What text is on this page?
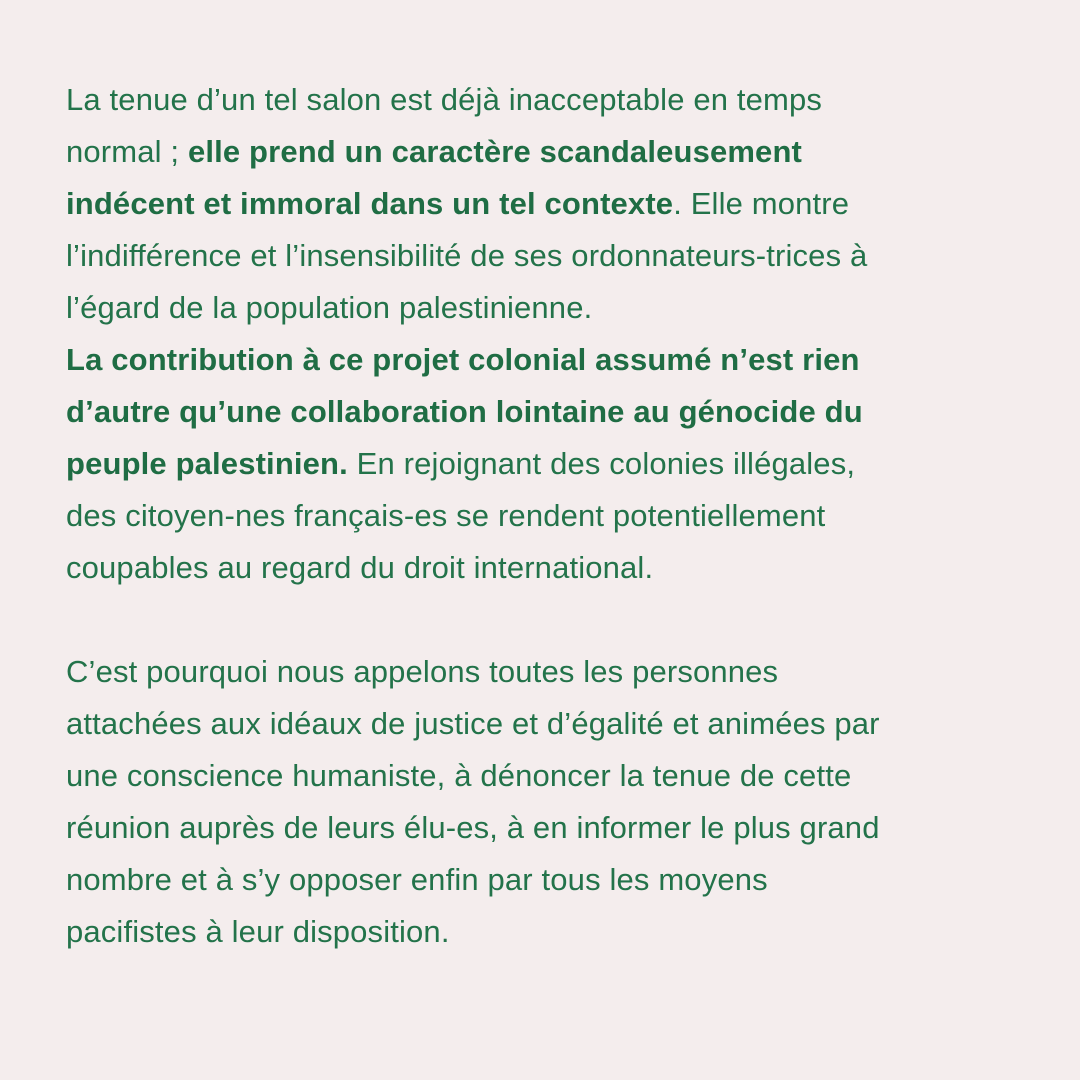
La tenue d’un tel salon est déjà inacceptable en temps
normal ; elle prend un caractère scandaleusement
indécent et immoral dans un tel contexte. Elle montre
l’indifférence et l’insensibilité de ses ordonnateurs-trices à
l’égard de la population palestinienne.
La contribution à ce projet colonial assumé n’est rien
d’autre qu’une collaboration lointaine au génocide du
peuple palestinien. En rejoignant des colonies illégales,
des citoyen-nes français-es se rendent potentiellement
coupables au regard du droit international.
C’est pourquoi nous appelons toutes les personnes
attachées aux idéaux de justice et d’égalité et animées par
une conscience humaniste, à dénoncer la tenue de cette
réunion auprès de leurs élu-es, à en informer le plus grand
nombre et à s’y opposer enfin par tous les moyens
pacifistes à leur disposition.
